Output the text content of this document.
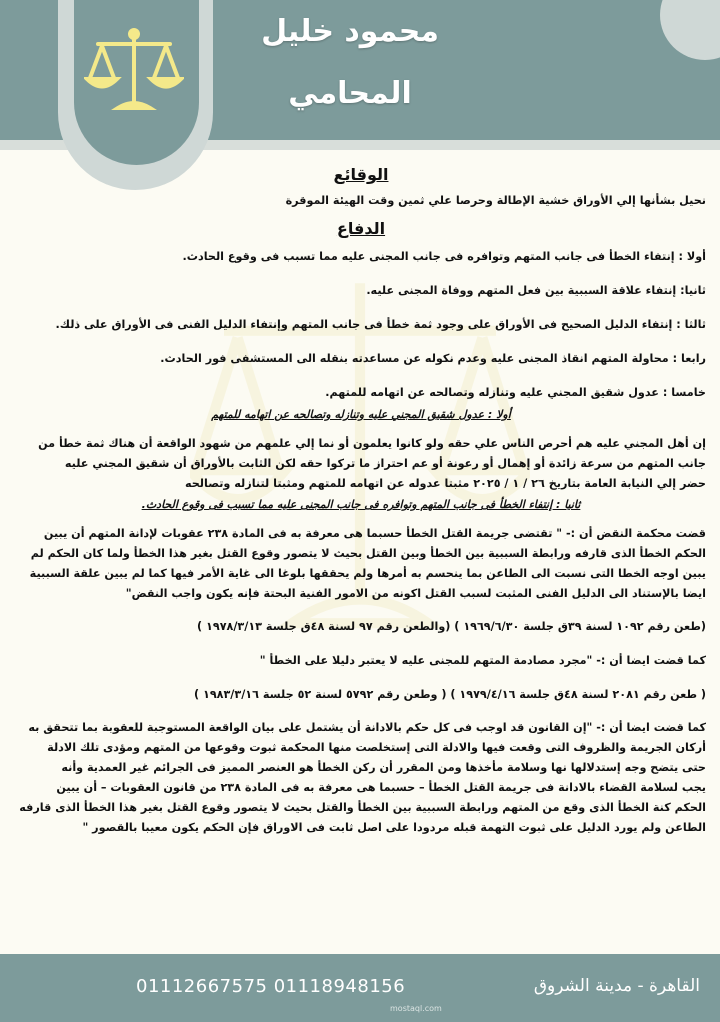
محمود خليل
المحامي

الوقائع

نحيل بشأنها إلي الأوراق خشية الإطالة وحرصا علي ثمين وقت الهيئة الموقرة

الدفاع

أولا : إنتفاء الخطأ فى جانب المتهم وتوافره فى جانب المجنى عليه مما تسبب فى وقوع الحادث.

ثانيا: إنتفاء علاقة السببية بين فعل المتهم ووفاة المجنى عليه.

ثالثا : إنتفاء الدليل الصحيح فى الأوراق على وجود ثمة خطأ فى جانب المتهم وإنتفاء الدليل الفنى فى الأوراق على ذلك.

رابعا : محاولة المتهم انقاذ المجنى عليه وعدم نكوله عن مساعدته بنقله الى المستشفى فور الحادث.

خامسا : عدول شقيق المجني عليه وتنازله وتصالحه عن اتهامه للمتهم.

أولا : عدول شقيق المجني عليه وتنازله وتصالحه عن اتهامه للمتهم

إن أهل المجني عليه هم أحرص الناس علي حقه ولو كانوا يعلمون أو نما إلي علمهم من شهود الواقعة أن هناك ثمة خطأ من

جانب المتهم من سرعة زائدة أو إهمال أو رعونة أو عم احتراز ما تركوا حقه لكن الثابت بالأوراق أن شقيق المجني عليه

حضر إلي النيابة العامة بتاريخ ٢٦ / ١ / ٢٠٢٥ مثبتا عدوله عن اتهامه للمتهم ومثبتا لتنازله وتصالحه

ثانيا : إنتفاء الخطأ فى جانب المتهم وتوافره فى جانب المجنى عليه مما تسبب فى وقوع الحادث.

قضت محكمة النقض أن :- " تقتضى جريمة القتل الخطأ حسبما هى معرفة به فى المادة ٢٣٨ عقوبات لإدانة المتهم أن يبين

الحكم الخطأ الذى قارفه ورابطة السببية بين الخطأ وبين القتل بحيث لا يتصور وقوع القتل بغير هذا الخطأ ولما كان الحكم لم

يبين اوجه الخطا التى نسبت الى الطاعن بما ينحسم به أمرها ولم يحققها بلوغا الى غاية الأمر فيها كما لم يبين علقة السببية

ايضا بالإستناد الى الدليل الفنى المثبت لسبب القتل اكونه من الامور الفنية البحتة فإنه يكون واجب النقض"

(طعن رقم ١٠٩٢ لسنة ٣٩ق جلسة ١٩٦٩/٦/٣٠ ) (والطعن رقم ٩٧ لسنة ٤٨ق جلسة ١٩٧٨/٣/١٣ )

كما قضت ايضا أن :- "مجرد مصادمة المتهم للمجنى عليه لا يعتبر دليلا على الخطأ "

( طعن رقم ٢٠٨١ لسنة ٤٨ق جلسة ١٩٧٩/٤/١٦ ) ( وطعن رقم ٥٧٩٢ لسنة ٥٢ جلسة ١٩٨٣/٣/١٦ )

كما قضت ايضا أن :- "إن القانون قد اوجب فى كل حكم بالادانة أن يشتمل على بيان الواقعة المستوجبة للعقوبة بما تتحقق به

أركان الجريمة والظروف التى وقعت فيها والادلة التى إستخلصت منها المحكمة ثبوت وقوعها من المتهم ومؤدى تلك الادلة

حتى يتضح وجه إستدلالها نها وسلامة مأخذها ومن المقرر أن ركن الخطأ هو العنصر المميز فى الجرائم غير العمدية وأنه

يجب لسلامة القضاء بالادانة فى جريمة القتل الخطأ – حسبما هى معرفة به فى المادة ٢٣٨ من قانون العقوبات – أن يبين

الحكم كنة الخطأ الذى وقع من المتهم ورابطة السببية بين الخطأ والقتل بحيث لا يتصور وقوع القتل بغير هذا الخطأ الذى قارفه

الطاعن ولم يورد الدليل على ثبوت التهمة قبله مردودا على اصل ثابت فى الاوراق فإن الحكم يكون معيبا بالقصور "

01112667575 01118948156	القاهرة - مدينة الشروق
mostaql.com
